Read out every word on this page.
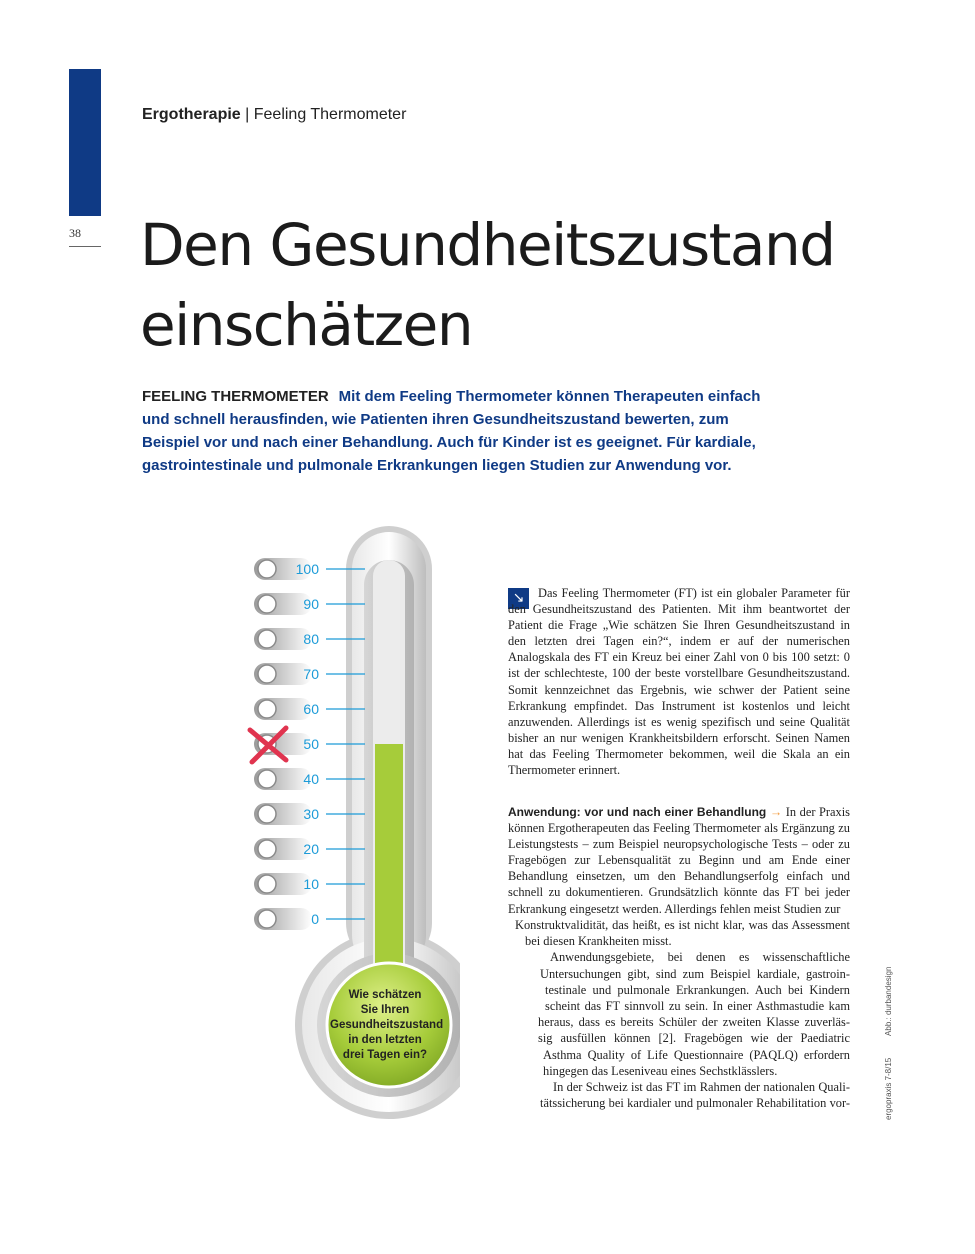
38
Ergotherapie | Feeling Thermometer
Den Gesundheitszustand einschätzen
FEELING THERMOMETER Mit dem Feeling Thermometer können Therapeuten einfach und schnell herausfinden, wie Patienten ihren Gesundheitszustand bewerten, zum Beispiel vor und nach einer Behandlung. Auch für Kinder ist es geeignet. Für kardiale, gastrointestinale und pulmonale Erkrankungen liegen Studien zur Anwendung vor.
100
90
80
70
60
50
40
30
20
10
0
Wie schätzen
Sie Ihren
Gesundheitszustand
in den letzten
drei Tagen ein?
↘	Das Feeling Thermometer (FT) ist ein globaler Parameter für den Gesundheitszustand des Patienten. Mit ihm beantwortet der Patient die Frage „Wie schätzen Sie Ihren Gesundheitszustand in den letzten drei Tagen ein?“, indem er auf der numerischen Analogskala des FT ein Kreuz bei einer Zahl von 0 bis 100 setzt: 0 ist der schlechteste, 100 der beste vorstellbare Gesundheitszustand. Somit kennzeichnet das Ergebnis, wie schwer der Patient seine Erkrankung empfindet. Das Instrument ist kostenlos und leicht anzuwenden. Allerdings ist es wenig spezifisch und seine Qualität bisher an nur wenigen Krankheitsbildern erforscht. Seinen Namen hat das Feeling Thermometer bekommen, weil die Skala an ein Thermometer erinnert.

Anwendung: vor und nach einer Behandlung → In der Praxis können Ergotherapeuten das Feeling Thermometer als Ergänzung zu Leistungstests – zum Beispiel neuropsychologische Tests – oder zu Fragebögen zur Lebensqualität zu Beginn und am Ende einer Behandlung einsetzen, um den Behandlungserfolg einfach und schnell zu dokumentieren. Grundsätzlich könnte das FT bei jeder Erkrankung eingesetzt werden. Allerdings fehlen meist Studien zur

Konstruktvalidität, das heißt, es ist nicht klar, was das Assessment
bei diesen Krankheiten misst.
Anwendungsgebiete, bei denen es wissenschaftliche
Untersuchungen gibt, sind zum Beispiel kardiale, gastroin-
testinale und pulmonale Erkrankungen. Auch bei Kindern
scheint das FT sinnvoll zu sein. In einer Asthmastudie kam
heraus, dass es bereits Schüler der zweiten Klasse zuverläs-
sig ausfüllen können [2]. Fragebögen wie der Paediatric
Asthma Quality of Life Questionnaire (PAQLQ) erfordern
hingegen das Leseniveau eines Sechstklässlers.
In der Schweiz ist das FT im Rahmen der nationalen Quali-
tätssicherung bei kardialer und pulmonaler Rehabilitation vor-	ergopraxis 7-8/15          Abb.: durbandesign
